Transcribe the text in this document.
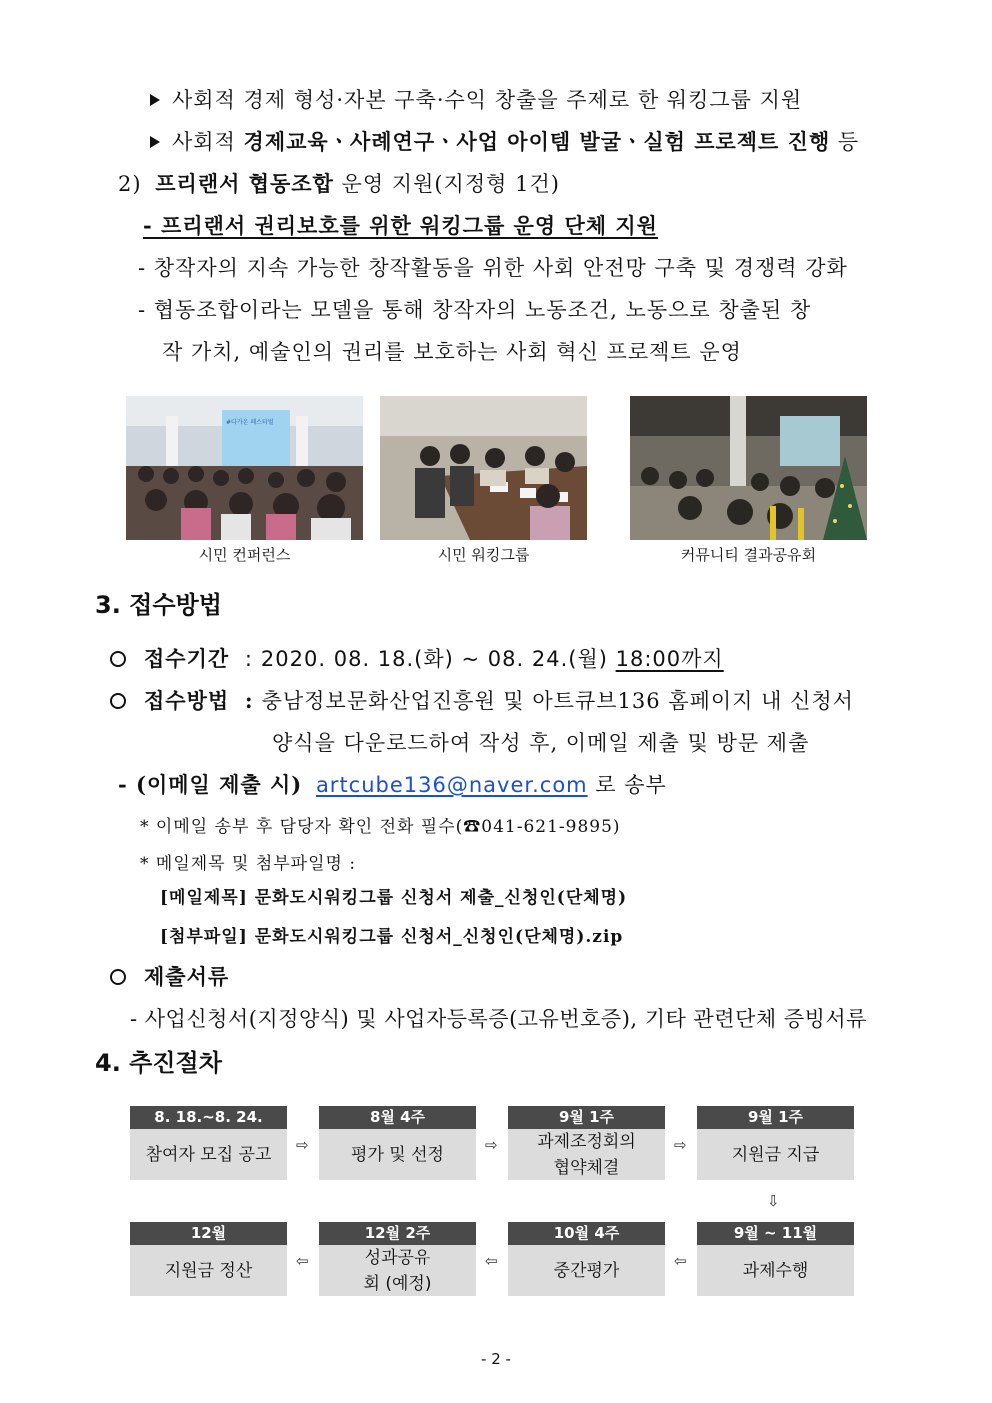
사회적 경제 형성·자본 구축·수익 창출을 주제로 한 워킹그룹 지원
사회적 경제교육ㆍ사례연구ㆍ사업 아이템 발굴ㆍ실험 프로젝트 진행 등
2) 프리랜서 협동조합 운영 지원(지정형 1건)
- 프리랜서 권리보호를 위한 워킹그룹 운영 단체 지원
- 창작자의 지속 가능한 창작활동을 위한 사회 안전망 구축 및 경쟁력 강화
- 협동조합이라는 모델을 통해 창작자의 노동조건, 노동으로 창출된 창
작 가치, 예술인의 권리를 보호하는 사회 혁신 프로젝트 운영
#다가온 페스티벌
시민 컨퍼런스	시민 워킹그룹	커뮤니티 결과공유회
3. 접수방법
접수기간 : 2020. 08. 18.(화) ~ 08. 24.(월) 18:00까지
접수방법 : 충남정보문화산업진흥원 및 아트큐브136 홈페이지 내 신청서
양식을 다운로드하여 작성 후, 이메일 제출 및 방문 제출
- (이메일 제출 시) artcube136@naver.com 로 송부
* 이메일 송부 후 담당자 확인 전화 필수(☎041-621-9895)
* 메일제목 및 첨부파일명 :
[메일제목] 문화도시워킹그룹 신청서 제출_신청인(단체명)
[첨부파일] 문화도시워킹그룹 신청서_신청인(단체명).zip
제출서류
- 사업신청서(지정양식) 및 사업자등록증(고유번호증), 기타 관련단체 증빙서류
4. 추진절차
8. 18.~8. 24.
참여자 모집 공고
8월 4주
평가 및 선정
9월 1주
과제조정회의 협약체결
9월 1주
지원금 지급
⇨	⇨	⇨
⇩
12월
지원금 정산
12월 2주
성과공유회 (예정)
10월 4주
중간평가
9월 ~ 11월
과제수행
⇦	⇦	⇦
- 2 -
